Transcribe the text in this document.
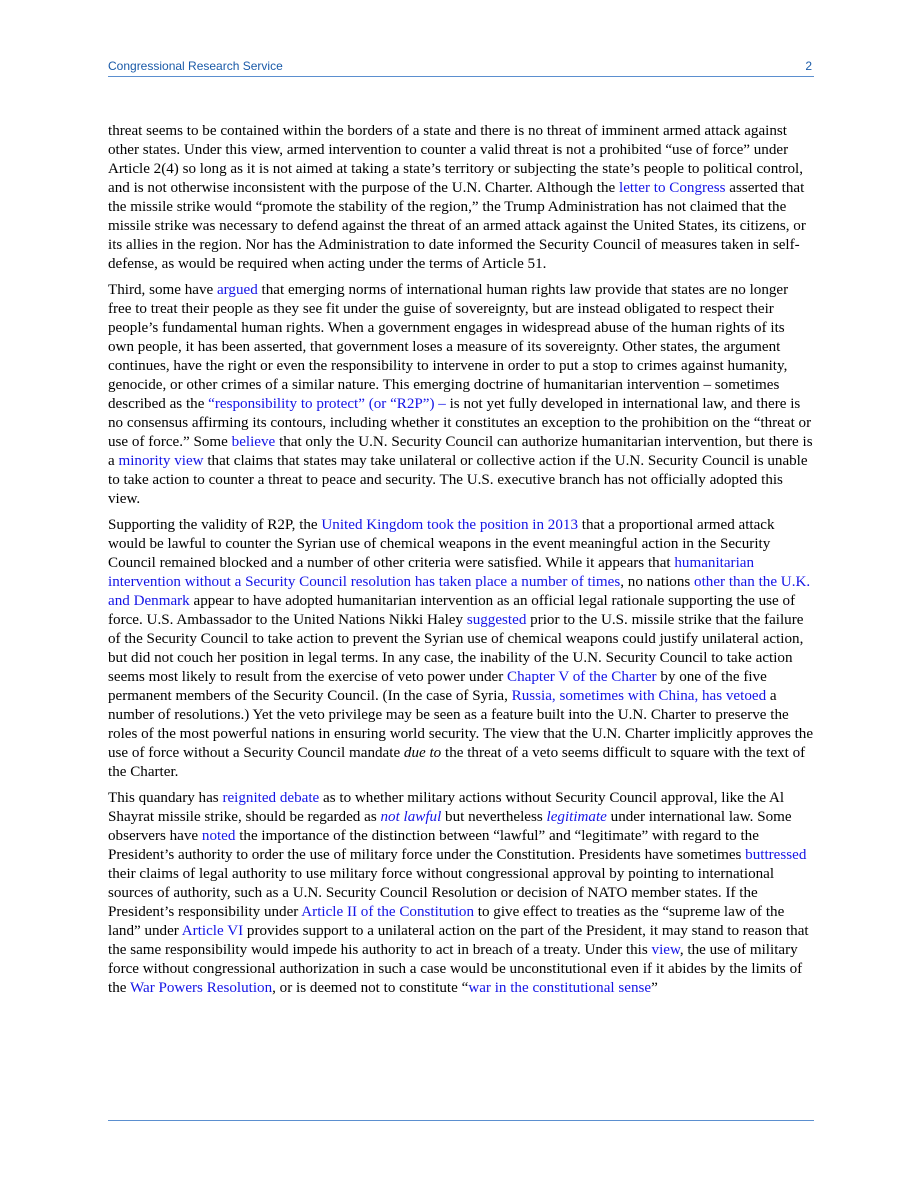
Congressional Research Service	2

threat seems to be contained within the borders of a state and there is no threat of imminent armed attack against other states. Under this view, armed intervention to counter a valid threat is not a prohibited “use of force” under Article 2(4) so long as it is not aimed at taking a state’s territory or subjecting the state’s people to political control, and is not otherwise inconsistent with the purpose of the U.N. Charter. Although the letter to Congress asserted that the missile strike would “promote the stability of the region,” the Trump Administration has not claimed that the missile strike was necessary to defend against the threat of an armed attack against the United States, its citizens, or its allies in the region. Nor has the Administration to date informed the Security Council of measures taken in self-defense, as would be required when acting under the terms of Article 51.

Third, some have argued that emerging norms of international human rights law provide that states are no longer free to treat their people as they see fit under the guise of sovereignty, but are instead obligated to respect their people’s fundamental human rights. When a government engages in widespread abuse of the human rights of its own people, it has been asserted, that government loses a measure of its sovereignty. Other states, the argument continues, have the right or even the responsibility to intervene in order to put a stop to crimes against humanity, genocide, or other crimes of a similar nature. This emerging doctrine of humanitarian intervention – sometimes described as the “responsibility to protect” (or “R2P”) – is not yet fully developed in international law, and there is no consensus affirming its contours, including whether it constitutes an exception to the prohibition on the “threat or use of force.” Some believe that only the U.N. Security Council can authorize humanitarian intervention, but there is a minority view that claims that states may take unilateral or collective action if the U.N. Security Council is unable to take action to counter a threat to peace and security. The U.S. executive branch has not officially adopted this view.

Supporting the validity of R2P, the United Kingdom took the position in 2013 that a proportional armed attack would be lawful to counter the Syrian use of chemical weapons in the event meaningful action in the Security Council remained blocked and a number of other criteria were satisfied. While it appears that humanitarian intervention without a Security Council resolution has taken place a number of times, no nations other than the U.K. and Denmark appear to have adopted humanitarian intervention as an official legal rationale supporting the use of force. U.S. Ambassador to the United Nations Nikki Haley suggested prior to the U.S. missile strike that the failure of the Security Council to take action to prevent the Syrian use of chemical weapons could justify unilateral action, but did not couch her position in legal terms. In any case, the inability of the U.N. Security Council to take action seems most likely to result from the exercise of veto power under Chapter V of the Charter by one of the five permanent members of the Security Council. (In the case of Syria, Russia, sometimes with China, has vetoed a number of resolutions.) Yet the veto privilege may be seen as a feature built into the U.N. Charter to preserve the roles of the most powerful nations in ensuring world security. The view that the U.N. Charter implicitly approves the use of force without a Security Council mandate due to the threat of a veto seems difficult to square with the text of the Charter.

This quandary has reignited debate as to whether military actions without Security Council approval, like the Al Shayrat missile strike, should be regarded as not lawful but nevertheless legitimate under international law. Some observers have noted the importance of the distinction between “lawful” and “legitimate” with regard to the President’s authority to order the use of military force under the Constitution. Presidents have sometimes buttressed their claims of legal authority to use military force without congressional approval by pointing to international sources of authority, such as a U.N. Security Council Resolution or decision of NATO member states. If the President’s responsibility under Article II of the Constitution to give effect to treaties as the “supreme law of the land” under Article VI provides support to a unilateral action on the part of the President, it may stand to reason that the same responsibility would impede his authority to act in breach of a treaty. Under this view, the use of military force without congressional authorization in such a case would be unconstitutional even if it abides by the limits of the War Powers Resolution, or is deemed not to constitute “war in the constitutional sense”
